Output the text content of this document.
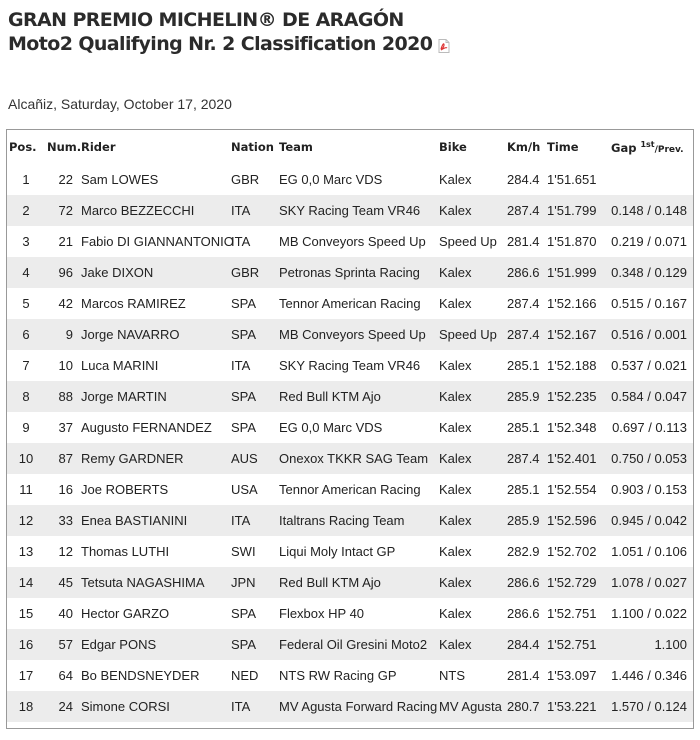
GRAN PREMIO MICHELIN® DE ARAGÓN
Moto2 Qualifying Nr. 2 Classification 2020
Alcañiz, Saturday, October 17, 2020
Pos.	Num.	Rider	Nation	Team	Bike	Km/h	Time	Gap $^{1st}$/Prev.
1	22	Sam LOWES	GBR	EG 0,0 Marc VDS	Kalex	284.4	1'51.651	
2	72	Marco BEZZECCHI	ITA	SKY Racing Team VR46	Kalex	287.4	1'51.799	0.148 / 0.148
3	21	Fabio DI GIANNANTONIO	ITA	MB Conveyors Speed Up	Speed Up	281.4	1'51.870	0.219 / 0.071
4	96	Jake DIXON	GBR	Petronas Sprinta Racing	Kalex	286.6	1'51.999	0.348 / 0.129
5	42	Marcos RAMIREZ	SPA	Tennor American Racing	Kalex	287.4	1'52.166	0.515 / 0.167
6	9	Jorge NAVARRO	SPA	MB Conveyors Speed Up	Speed Up	287.4	1'52.167	0.516 / 0.001
7	10	Luca MARINI	ITA	SKY Racing Team VR46	Kalex	285.1	1'52.188	0.537 / 0.021
8	88	Jorge MARTIN	SPA	Red Bull KTM Ajo	Kalex	285.9	1'52.235	0.584 / 0.047
9	37	Augusto FERNANDEZ	SPA	EG 0,0 Marc VDS	Kalex	285.1	1'52.348	0.697 / 0.113
10	87	Remy GARDNER	AUS	Onexox TKKR SAG Team	Kalex	287.4	1'52.401	0.750 / 0.053
11	16	Joe ROBERTS	USA	Tennor American Racing	Kalex	285.1	1'52.554	0.903 / 0.153
12	33	Enea BASTIANINI	ITA	Italtrans Racing Team	Kalex	285.9	1'52.596	0.945 / 0.042
13	12	Thomas LUTHI	SWI	Liqui Moly Intact GP	Kalex	282.9	1'52.702	1.051 / 0.106
14	45	Tetsuta NAGASHIMA	JPN	Red Bull KTM Ajo	Kalex	286.6	1'52.729	1.078 / 0.027
15	40	Hector GARZO	SPA	Flexbox HP 40	Kalex	286.6	1'52.751	1.100 / 0.022
16	57	Edgar PONS	SPA	Federal Oil Gresini Moto2	Kalex	284.4	1'52.751	1.100
17	64	Bo BENDSNEYDER	NED	NTS RW Racing GP	NTS	281.4	1'53.097	1.446 / 0.346
18	24	Simone CORSI	ITA	MV Agusta Forward Racing	MV Agusta	280.7	1'53.221	1.570 / 0.124
